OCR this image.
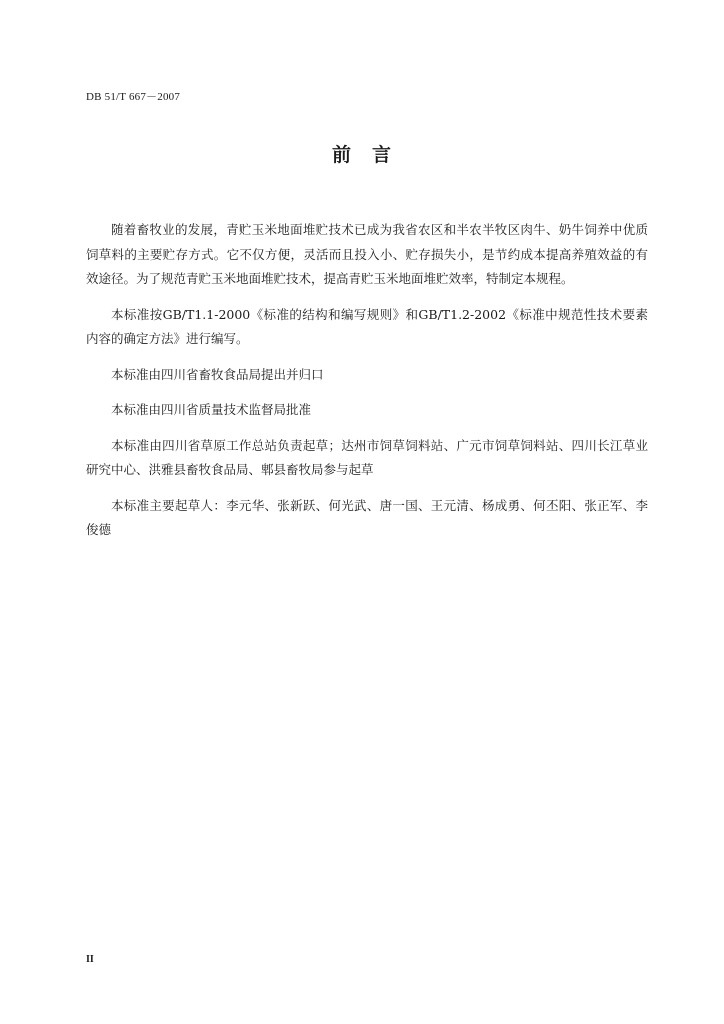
DB 51/T 667－2007
前　言

随着畜牧业的发展，青贮玉米地面堆贮技术已成为我省农区和半农半牧区肉牛、奶牛饲养中优质饲草料的主要贮存方式。它不仅方便，灵活而且投入小、贮存损失小，是节约成本提高养殖效益的有效途径。为了规范青贮玉米地面堆贮技术，提高青贮玉米地面堆贮效率，特制定本规程。

本标准按GB/T1.1-2000《标准的结构和编写规则》和GB/T1.2-2002《标准中规范性技术要素内容的确定方法》进行编写。

本标准由四川省畜牧食品局提出并归口

本标准由四川省质量技术监督局批准

本标准由四川省草原工作总站负责起草；达州市饲草饲料站、广元市饲草饲料站、四川长江草业研究中心、洪雅县畜牧食品局、郫县畜牧局参与起草

本标准主要起草人：李元华、张新跃、何光武、唐一国、王元清、杨成勇、何丕阳、张正军、李俊德

II
